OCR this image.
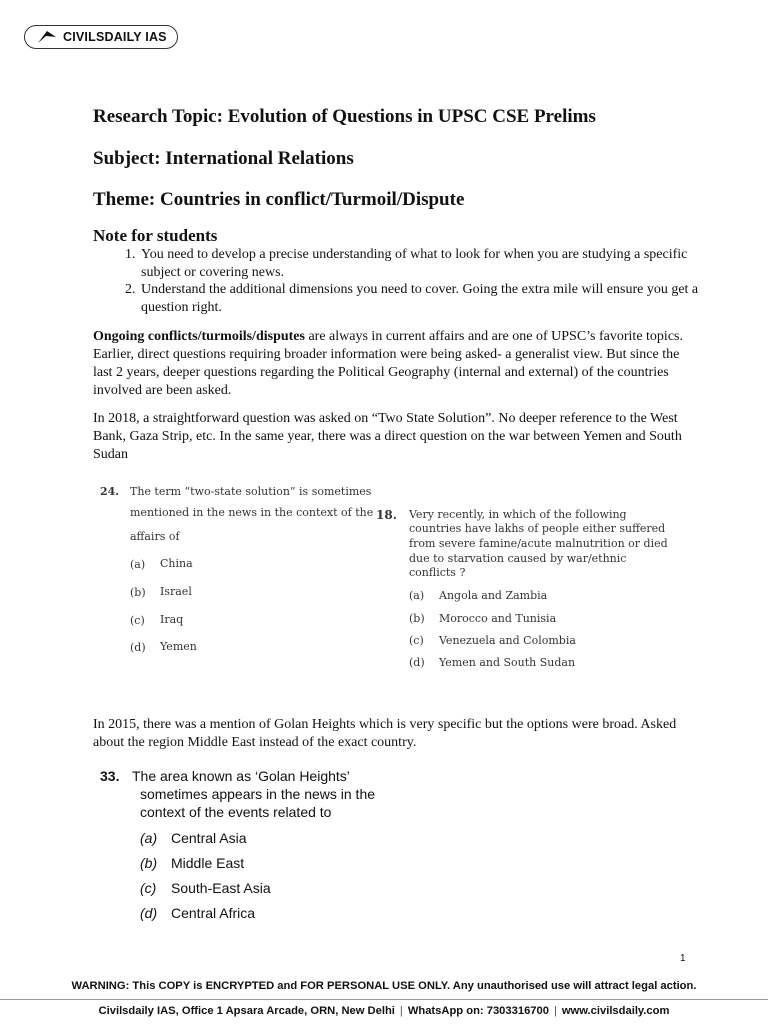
CIVILSDAILY IAS
Research Topic: Evolution of Questions in UPSC CSE Prelims
Subject: International Relations
Theme: Countries in conflict/Turmoil/Dispute
Note for students
1. You need to develop a precise understanding of what to look for when you are studying a specific subject or covering news.
2. Understand the additional dimensions you need to cover. Going the extra mile will ensure you get a question right.

Ongoing conflicts/turmoils/disputes are always in current affairs and are one of UPSC’s favorite topics. Earlier, direct questions requiring broader information were being asked- a generalist view. But since the last 2 years, deeper questions regarding the Political Geography (internal and external) of the countries involved are been asked.

In 2018, a straightforward question was asked on “Two State Solution”. No deeper reference to the West Bank, Gaza Strip, etc. In the same year, there was a direct question on the war between Yemen and South Sudan

24. The term “two-state solution” is sometimes
mentioned in the news in the context of the
affairs of
(a) China
(b) Israel
(c) Iraq
(d) Yemen
18. Very recently, in which of the following
countries have lakhs of people either suffered
from severe famine/acute malnutrition or died
due to starvation caused by war/ethnic
conflicts ?
(a) Angola and Zambia
(b) Morocco and Tunisia
(c) Venezuela and Colombia
(d) Yemen and South Sudan

In 2015, there was a mention of Golan Heights which is very specific but the options were broad. Asked about the region Middle East instead of the exact country.

33. The area known as ‘Golan Heights’
sometimes appears in the news in the
context of the events related to
(a) Central Asia
(b) Middle East
(c) South-East Asia
(d) Central Africa
1
WARNING: This COPY is ENCRYPTED and FOR PERSONAL USE ONLY. Any unauthorised use will attract legal action.
Civilsdaily IAS, Office 1 Apsara Arcade, ORN, New Delhi | WhatsApp on: 7303316700 | www.civilsdaily.com
